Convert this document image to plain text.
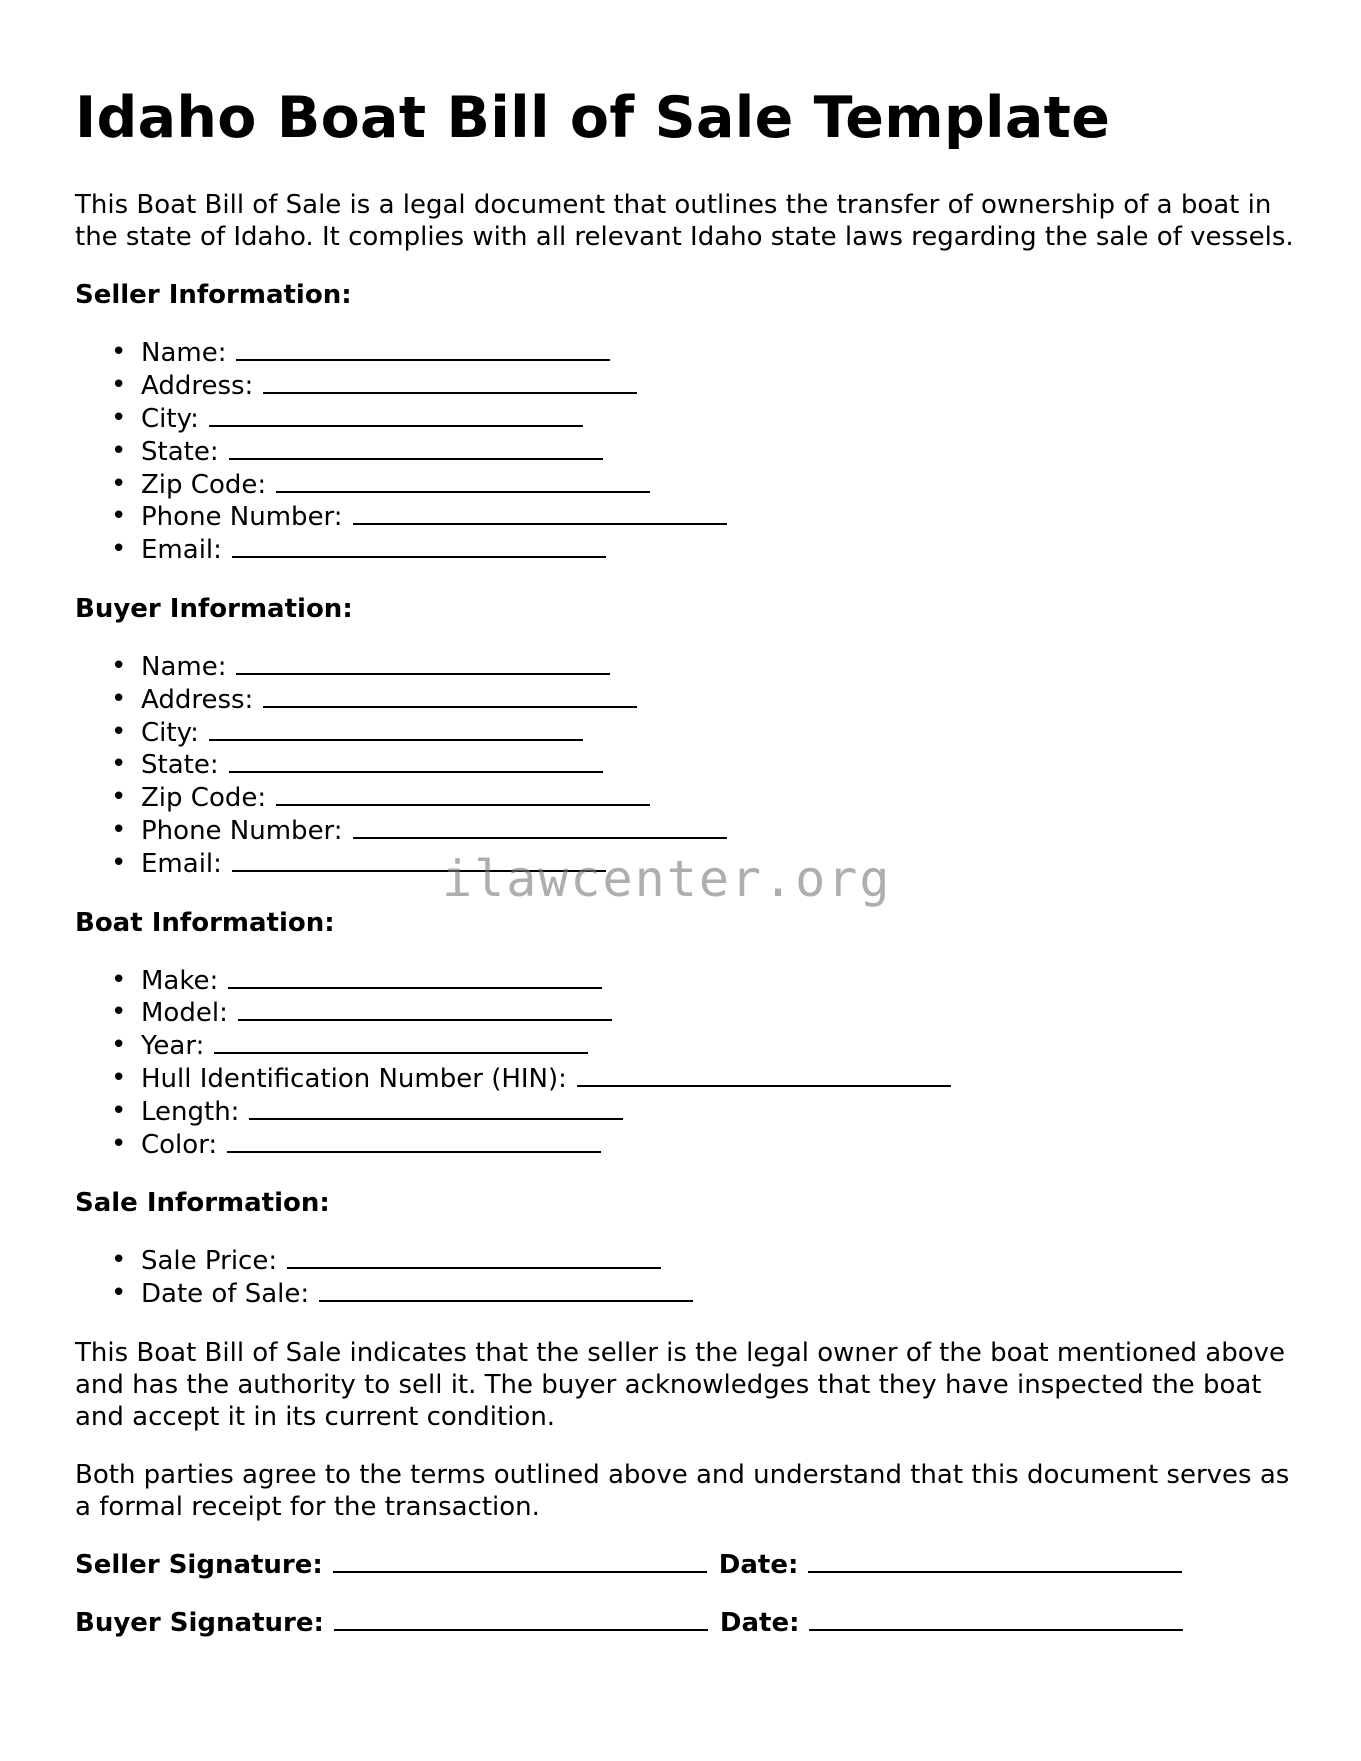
Idaho Boat Bill of Sale Template

This Boat Bill of Sale is a legal document that outlines the transfer of ownership of a boat in the state of Idaho. It complies with all relevant Idaho state laws regarding the sale of vessels.

Seller Information:
• Name:
• Address:
• City:
• State:
• Zip Code:
• Phone Number:
• Email:
Buyer Information:
• Name:
• Address:
• City:
• State:
• Zip Code:
• Phone Number:
• Email:
Boat Information:
• Make:
• Model:
• Year:
• Hull Identification Number (HIN):
• Length:
• Color:
Sale Information:
• Sale Price:
• Date of Sale:

This Boat Bill of Sale indicates that the seller is the legal owner of the boat mentioned above and has the authority to sell it. The buyer acknowledges that they have inspected the boat and accept it in its current condition.

Both parties agree to the terms outlined above and understand that this document serves as a formal receipt for the transaction.

Seller Signature:	Date:
Buyer Signature:	Date:
ilawcenter.org
